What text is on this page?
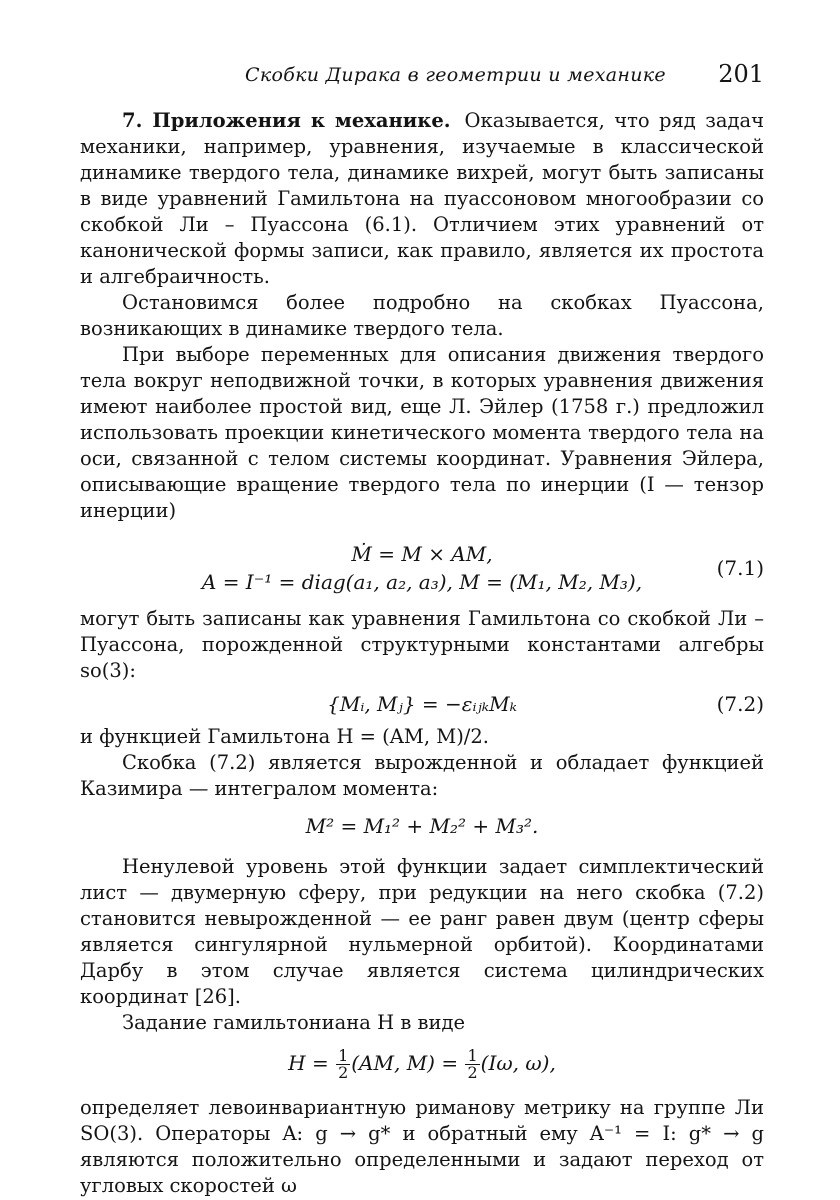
Скобки Дирака в геометрии и механике 201

7. Приложения к механике. Оказывается, что ряд задач механики, например, уравнения, изучаемые в классической динамике твердого тела, динамике вихрей, могут быть записаны в виде уравнений Гамильтона на пуассоновом многообразии со скобкой Ли – Пуассона (6.1). Отличием этих уравнений от канонической формы записи, как правило, является их простота и алгебраичность.

Остановимся более подробно на скобках Пуассона, возникающих в динамике твердого тела.

При выборе переменных для описания движения твердого тела вокруг неподвижной точки, в которых уравнения движения имеют наиболее простой вид, еще Л. Эйлер (1758 г.) предложил использовать проекции кинетического момента твердого тела на оси, связанной с телом системы координат. Уравнения Эйлера, описывающие вращение твердого тела по инерции (I — тензор инерции)

Ṁ = M × AM,
A = I⁻¹ = diag(a₁, a₂, a₃), M = (M₁, M₂, M₃),
(7.1)

могут быть записаны как уравнения Гамильтона со скобкой Ли – Пуассона, порожденной структурными константами алгебры so(3):

{Mᵢ, Mⱼ} = −εᵢⱼₖMₖ	(7.2)

и функцией Гамильтона H = (AM, M)/2.

Скобка (7.2) является вырожденной и обладает функцией Казимира — интегралом момента:

M² = M₁² + M₂² + M₃².

Ненулевой уровень этой функции задает симплектический лист — двумерную сферу, при редукции на него скобка (7.2) становится невырожденной — ее ранг равен двум (центр сферы является сингулярной нульмерной орбитой). Координатами Дарбу в этом случае является система цилиндрических координат [26].

Задание гамильтониана H в виде

$H = \frac{1}{2} (AM$, $M) = \frac{1}{2} (I\omega$, ω),

определяет левоинвариантную риманову метрику на группе Ли SO(3). Операторы A: g → g* и обратный ему A⁻¹ = I: g* → g являются положительно определенными и задают переход от угловых скоростей ω
